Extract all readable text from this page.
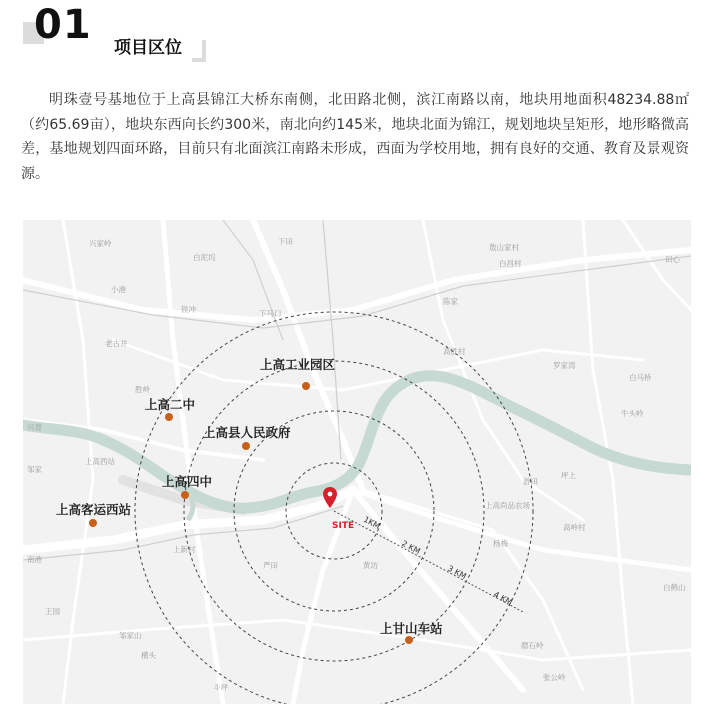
01 项目区位
明珠壹号基地位于上高县锦江大桥东南侧，北田路北侧，滨江南路以南，地块用地面积48234.88㎡（约65.69亩），地块东西向长约300米，南北向约145米，地块北面为锦江，规划地块呈矩形，地形略微高差，基地规划四面环路，目前只有北面滨江南路未形成，西面为学校用地，拥有良好的交通、教育及景观资源。
兴家岭	下田
白泥坞
小港
敖山家村
老古井
白昌村
胜岭
高胜村
铁冲
罗家湾
下马口
坪上
游田
兴背
上高西站
邹家
上新村
陈家
严田
高岭村
王园
白鹤山
张公岭
磨石岭
斗坪
邹家山
横头
杨梅
牛头岭
上高尚品农场
南港
黄坊
白马桥
田心
1KM
2 KM
3 KM
4 KM
上高工业园区
上高二中
上高县人民政府
上高四中
上高客运西站
上甘山车站
SITE
